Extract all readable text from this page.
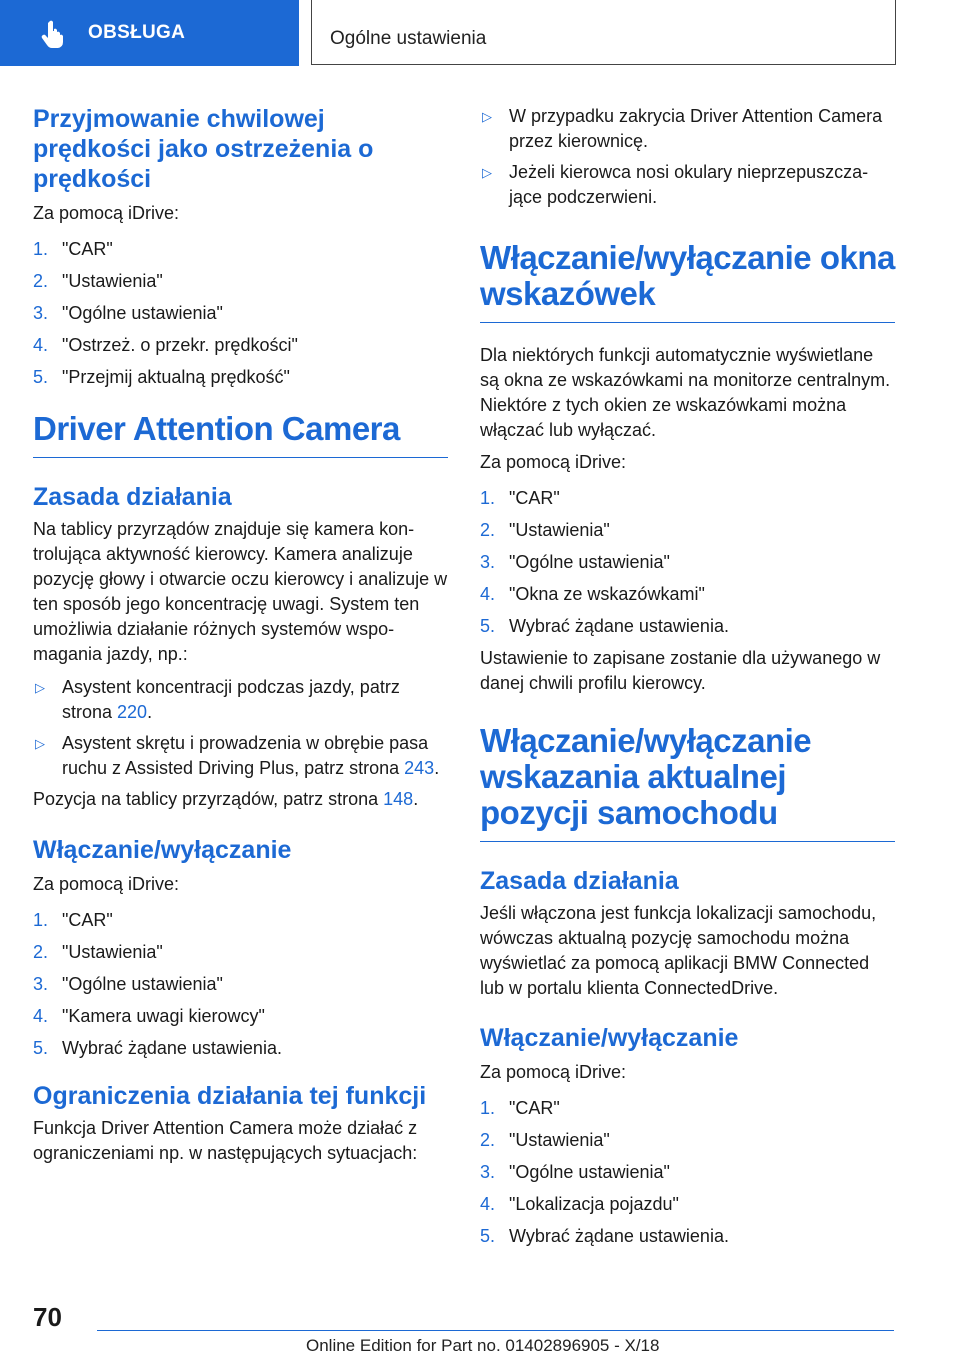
OBSŁUGA	Ogólne ustawienia
Przyjmowanie chwilowej prędkości jako ostrzeżenia o prędkości

Za pomocą iDrive:

1. "CAR"
2. "Ustawienia"
3. "Ogólne ustawienia"
4. "Ostrzeż. o przekr. prędkości"
5. "Przejmij aktualną prędkość"
Driver Attention Camera
Zasada działania

Na tablicy przyrządów znajduje się kamera kontrolująca aktywność kierowcy. Kamera analizuje pozycję głowy i otwarcie oczu kierowcy i analizuje w ten sposób jego koncentrację uwagi. System ten umożliwia działanie różnych systemów wspomagania jazdy, np.:

▷ Asystent koncentracji podczas jazdy, patrz strona 220.
▷ Asystent skrętu i prowadzenia w obrębie pasa ruchu z Assisted Driving Plus, patrz strona 243.

Pozycja na tablicy przyrządów, patrz strona 148.

Włączanie/wyłączanie

Za pomocą iDrive:

1. "CAR"
2. "Ustawienia"
3. "Ogólne ustawienia"
4. "Kamera uwagi kierowcy"
5. Wybrać żądane ustawienia.
Ograniczenia działania tej funkcji

Funkcja Driver Attention Camera może działać z ograniczeniami np. w następujących sytuacjach:

▷ W przypadku zakrycia Driver Attention Camera przez kierownicę.
▷ Jeżeli kierowca nosi okulary nieprzepuszczające podczerwieni.
Włączanie/wyłączanie okna wskazówek

Dla niektórych funkcji automatycznie wyświetlane są okna ze wskazówkami na monitorze centralnym. Niektóre z tych okien ze wskazówkami można włączać lub wyłączać.

Za pomocą iDrive:

1. "CAR"
2. "Ustawienia"
3. "Ogólne ustawienia"
4. "Okna ze wskazówkami"
5. Wybrać żądane ustawienia.

Ustawienie to zapisane zostanie dla używanego w danej chwili profilu kierowcy.

Włączanie/wyłączanie wskazania aktualnej pozycji samochodu
Zasada działania

Jeśli włączona jest funkcja lokalizacji samochodu, wówczas aktualną pozycję samochodu można wyświetlać za pomocą aplikacji BMW Connected lub w portalu klienta ConnectedDrive.

Włączanie/wyłączanie

Za pomocą iDrive:

1. "CAR"
2. "Ustawienia"
3. "Ogólne ustawienia"
4. "Lokalizacja pojazdu"
5. Wybrać żądane ustawienia.
70
Online Edition for Part no. 01402896905 - X/18
